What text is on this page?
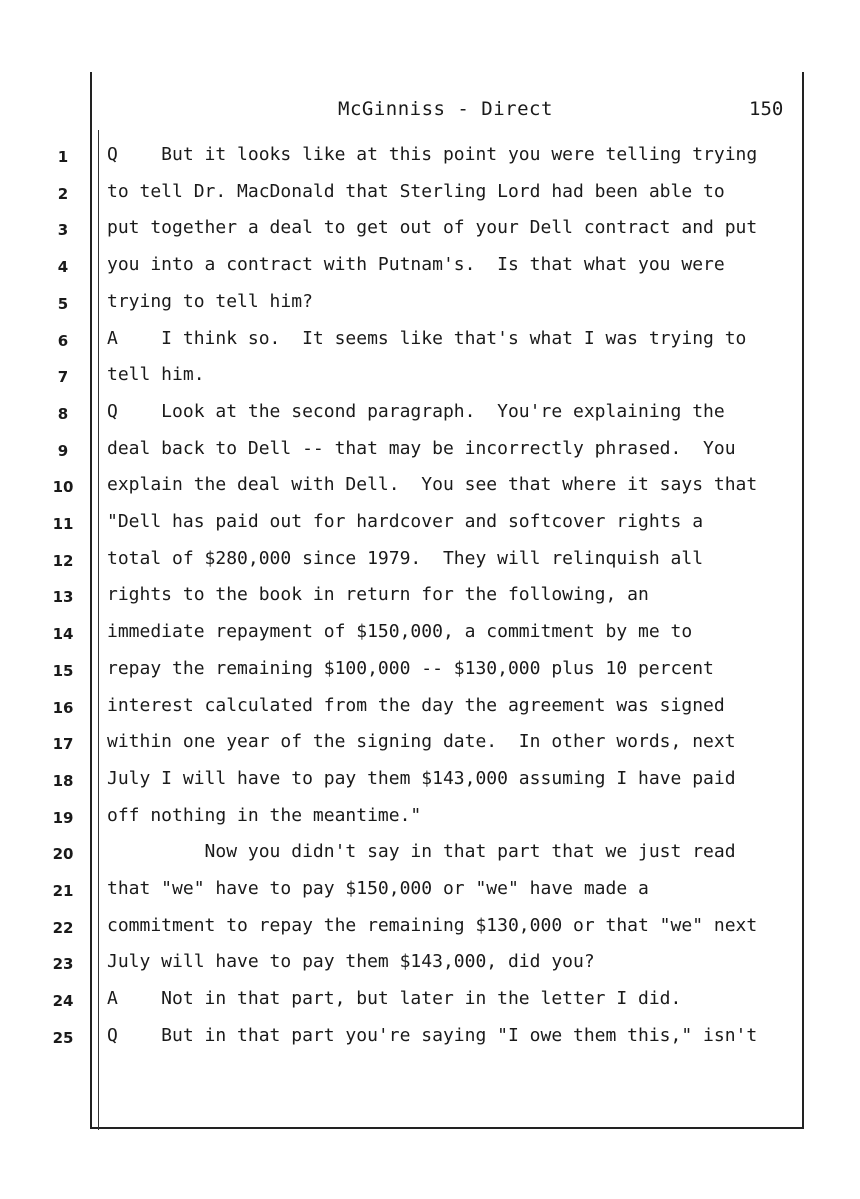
McGinniss - Direct	150
1	Q    But it looks like at this point you were telling trying
2	to tell Dr. MacDonald that Sterling Lord had been able to
3	put together a deal to get out of your Dell contract and put
4	you into a contract with Putnam's.  Is that what you were
5	trying to tell him?
6	A    I think so.  It seems like that's what I was trying to
7	tell him.
8	Q    Look at the second paragraph.  You're explaining the
9	deal back to Dell -- that may be incorrectly phrased.  You
10	explain the deal with Dell.  You see that where it says that
11	"Dell has paid out for hardcover and softcover rights a
12	total of $280,000 since 1979.  They will relinquish all
13	rights to the book in return for the following, an
14	immediate repayment of $150,000, a commitment by me to
15	repay the remaining $100,000 -- $130,000 plus 10 percent
16	interest calculated from the day the agreement was signed
17	within one year of the signing date.  In other words, next
18	July I will have to pay them $143,000 assuming I have paid
19	off nothing in the meantime."
20	Now you didn't say in that part that we just read
21	that "we" have to pay $150,000 or "we" have made a
22	commitment to repay the remaining $130,000 or that "we" next
23	July will have to pay them $143,000, did you?
24	A    Not in that part, but later in the letter I did.
25	Q    But in that part you're saying "I owe them this," isn't
